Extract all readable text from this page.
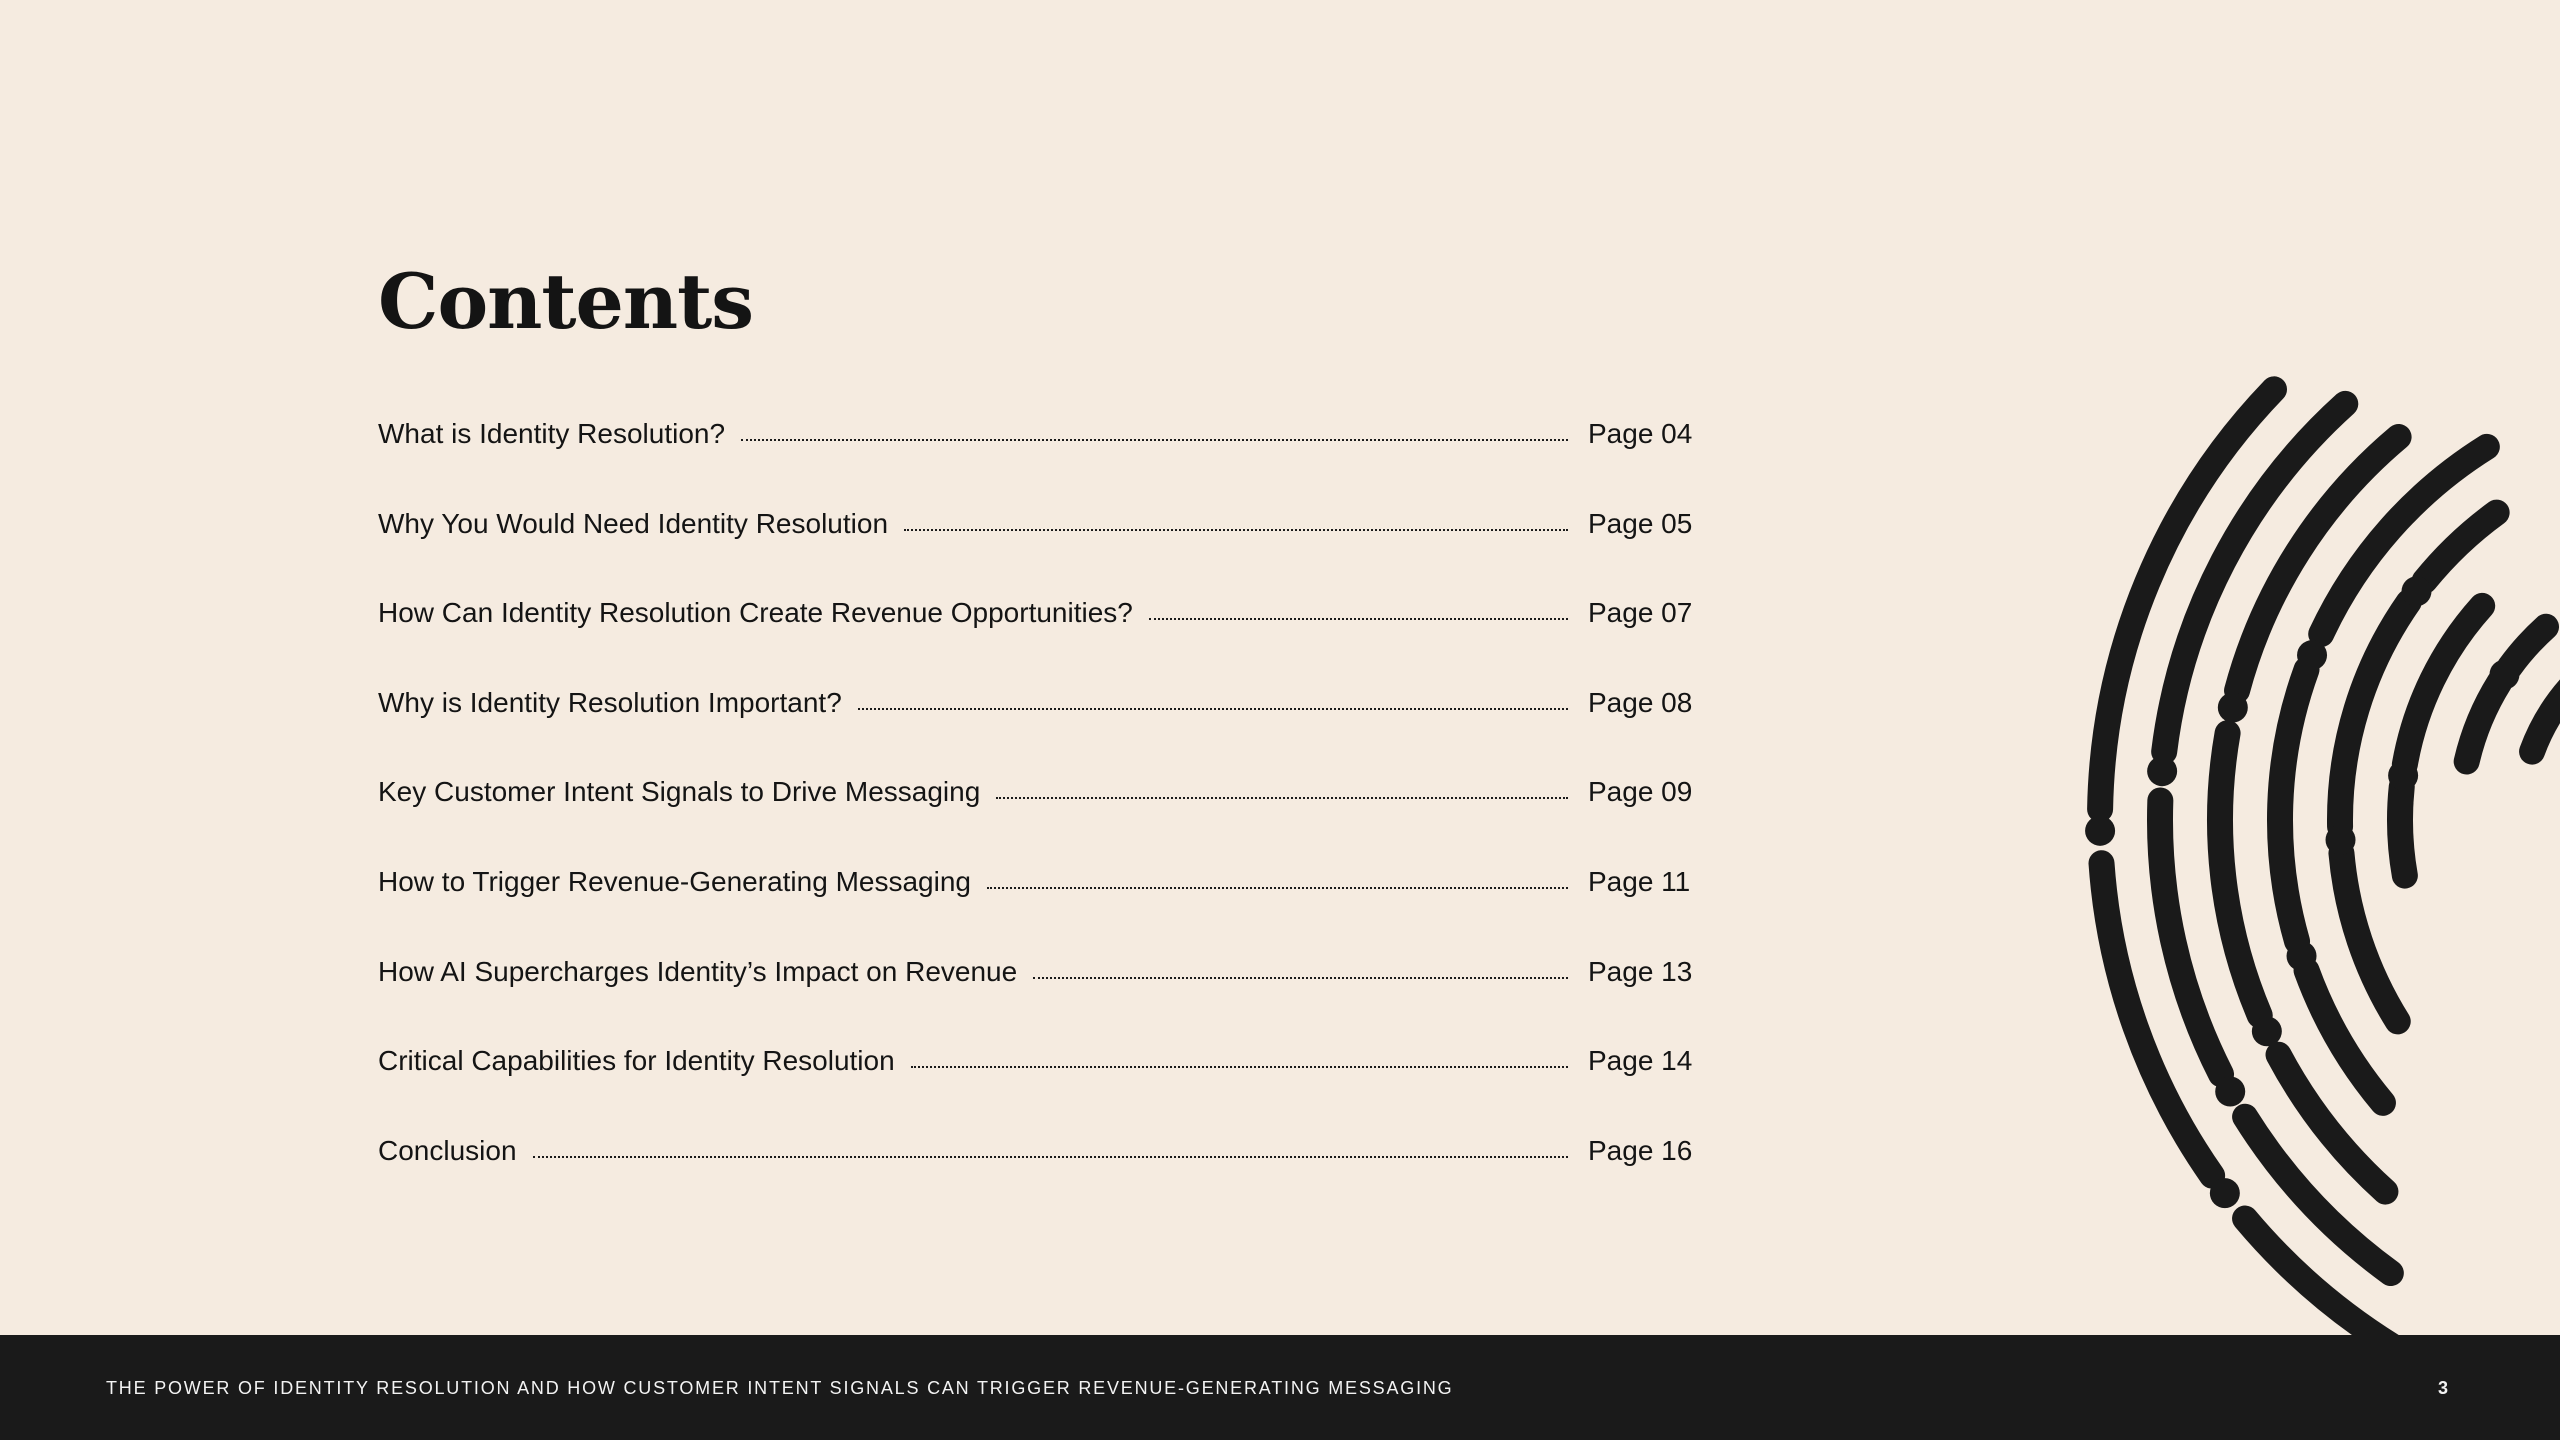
Contents
What is Identity Resolution?	Page 04
Why You Would Need Identity Resolution	Page 05
How Can Identity Resolution Create Revenue Opportunities?	Page 07
Why is Identity Resolution Important?	Page 08
Key Customer Intent Signals to Drive Messaging	Page 09
How to Trigger Revenue-Generating Messaging	Page 11
How AI Supercharges Identity’s Impact on Revenue	Page 13
Critical Capabilities for Identity Resolution	Page 14
Conclusion	Page 16
THE POWER OF IDENTITY RESOLUTION AND HOW CUSTOMER INTENT SIGNALS CAN TRIGGER REVENUE-GENERATING MESSAGING	3
